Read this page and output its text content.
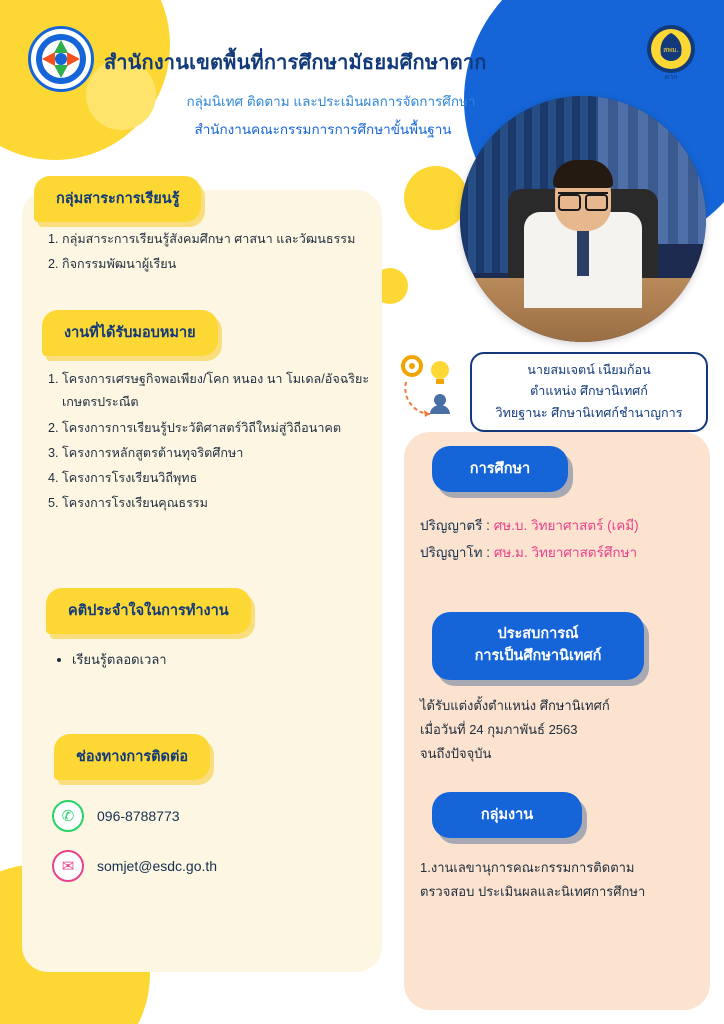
สพม.
ตาก
สำนักงานเขตพื้นที่การศึกษามัธยมศึกษาตาก
กลุ่มนิเทศ ติดตาม และประเมินผลการจัดการศึกษา
สำนักงานคณะกรรมการการศึกษาขั้นพื้นฐาน
นายสมเจตน์ เนียมก้อน
ตำแหน่ง ศึกษานิเทศก์
วิทยฐานะ ศึกษานิเทศก์ชำนาญการ
กลุ่มสาระการเรียนรู้
1. กลุ่มสาระการเรียนรู้สังคมศึกษา ศาสนา และวัฒนธรรม
2. กิจกรรมพัฒนาผู้เรียน
งานที่ได้รับมอบหมาย
1. โครงการเศรษฐกิจพอเพียง/โคก หนอง นา โมเดล/อัจฉริยะเกษตรประณีต
2. โครงการการเรียนรู้ประวัติศาสตร์วิถีใหม่สู่วิถีอนาคต
3. โครงการหลักสูตรต้านทุจริตศึกษา
4. โครงการโรงเรียนวิถีพุทธ
5. โครงการโรงเรียนคุณธรรม
คติประจำใจในการทำงาน
• เรียนรู้ตลอดเวลา
ช่องทางการติดต่อ
✆	096-8788773
✉	somjet@esdc.go.th
การศึกษา
ปริญญาตรี : ศษ.บ. วิทยาศาสตร์ (เคมี)
ปริญญาโท : ศษ.ม. วิทยาศาสตร์ศึกษา
ประสบการณ์
การเป็นศึกษานิเทศก์
ได้รับแต่งตั้งตำแหน่ง ศึกษานิเทศก์
เมื่อวันที่ 24 กุมภาพันธ์ 2563
จนถึงปัจจุบัน
กลุ่มงาน
1.งานเลขานุการคณะกรรมการติดตาม
ตรวจสอบ ประเมินผลและนิเทศการศึกษา
